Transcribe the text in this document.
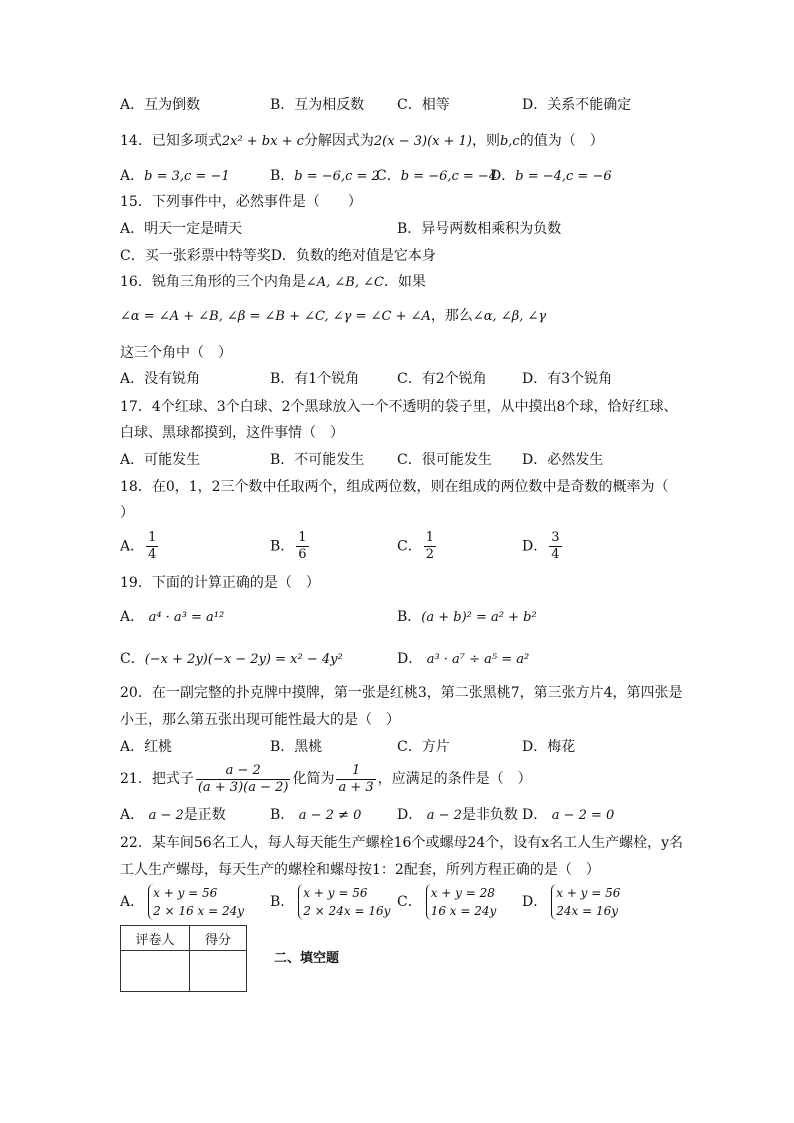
A．互为倒数	B．互为相反数 C．相等	D．关系不能确定
14．已知多项式2x² + bx + c分解因式为2(x − 3)(x + 1)，则b,c的值为（　）
A．b = 3,c = −1	B．b = −6,c = 2
C．b = −6,c = −4
D．b = −4,c = −6
15．下列事件中，必然事件是（　　）
A．明天一定是晴天	B．异号两数相乘积为负数
C．买一张彩票中特等奖D．负数的绝对值是它本身
16．锐角三角形的三个内角是∠A, ∠B, ∠C．如果
∠α = ∠A + ∠B, ∠β = ∠B + ∠C, ∠γ = ∠C + ∠A，那么∠α, ∠β, ∠γ
这三个角中（　）
A．没有锐角	B．有1个锐角	C．有2个锐角	D．有3个锐角
17．4个红球、3个白球、2个黑球放入一个不透明的袋子里，从中摸出8个球，恰好红球、
白球、黑球都摸到，这件事情（　）
A．可能发生	B．不可能发生 C．很可能发生 D．必然发生
18．在0，1，2三个数中任取两个，组成两位数，则在组成的两位数中是奇数的概率为（
）
A． $\frac{1}{4}$	B． $\frac{1}{6}$	C． $\frac{1}{2}$	D． $\frac{3}{4}$
19．下面的计算正确的是（　）
A． a⁴ · a³ = a¹²	B．(a + b)² = a² + b²
C．(−x + 2y)(−x − 2y) = x² − 4y²	D． a³ · a⁷ ÷ a⁵ = a²
20．在一副完整的扑克牌中摸牌，第一张是红桃3，第二张黑桃7，第三张方片4，第四张是
小王，那么第五张出现可能性最大的是（　）
A．红桃	B．黑桃	C．方片	D．梅花
21．把式子 $\frac{a - 2}{(a + 3)(a - 2)}$ 化简为 $\frac{1}{a + 3}$ ，应满足的条件是（　）
A． a − 2是正数	B． a − 2 ≠ 0	D． a − 2是非负数 D． a − 2 = 0
22．某车间56名工人，每人每天能生产螺栓16个或螺母24个，设有x名工人生产螺栓，y名
工人生产螺母，每天生产的螺栓和螺母按1：2配套，所列方程正确的是（　）
A．
x + y = 56
2 × 16 x = 24y
B．
x + y = 56
2 × 24x = 16y
C．
x + y = 28
16 x = 24y
D．
x + y = 56
24x = 16y
评卷人	得分

二、填空题
